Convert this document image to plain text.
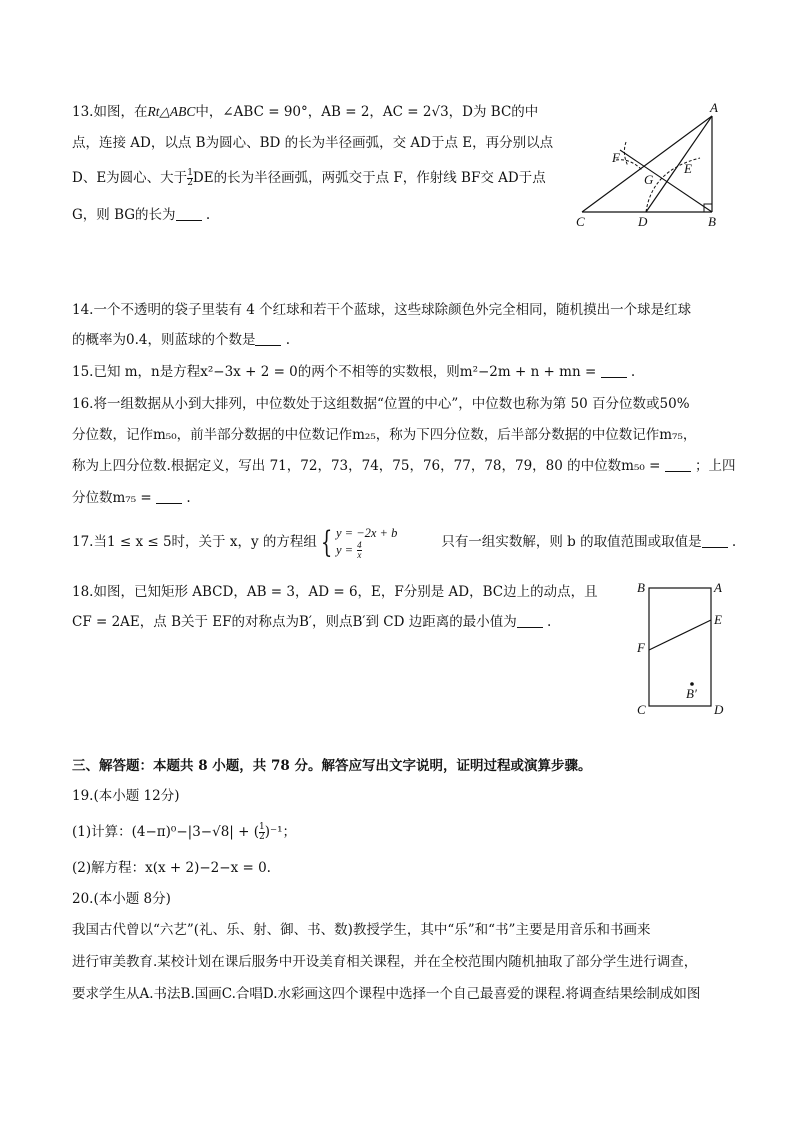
13.如图，在Rt△ABC中，∠ABC = 90°，AB = 2，AC = 2√3，D为 BC的中
点，连接 AD，以点 B为圆心、BD 的长为半径画弧，交 AD于点 E，再分别以点
D、E为圆心、大于 $\frac{1}{2}$ DE的长为半径画弧，两弧交于点 F，作射线 BF交 AD于点
G，则 BG的长为 .
A
B
C	D
E
F
G
14.一个不透明的袋子里装有 4 个红球和若干个蓝球，这些球除颜色外完全相同，随机摸出一个球是红球
的概率为0.4，则蓝球的个数是 .
15.已知 m，n是方程x²−3x + 2 = 0的两个不相等的实数根，则m²−2m + n + mn =	.
16.将一组数据从小到大排列，中位数处于这组数据“位置的中心”，中位数也称为第 50 百分位数或50%
分位数，记作m₅₀，前半部分数据的中位数记作m₂₅，称为下四分位数，后半部分数据的中位数记作m₇₅，
称为上四分位数.根据定义，写出 71，72，73，74，75，76，77，78，79，80 的中位数m₅₀ =	；上四
分位数m₇₅ =	.
17.当1 ≤ x ≤ 5时，关于 x，y 的方程组 { y = −2x + b
$y = \frac{4}{x}$	只有一组实数解，则 b 的取值范围或取值是 .
18.如图，已知矩形 ABCD，AB = 3，AD = 6，E，F分别是 AD，BC边上的动点，且
CF = 2AE，点 B关于 EF的对称点为B′，则点B′到 CD 边距离的最小值为 .
B	A
E
F
B′
C	D
三、解答题：本题共 8 小题，共 78 分。解答应写出文字说明，证明过程或演算步骤。
19.(本小题 12分)
(1)计算：(4−π)⁰−|3−√8| + ( $\frac{1}{2} )^{-1}$；
(2)解方程：x(x + 2)−2−x = 0.
20.(本小题 8分)
我国古代曾以“六艺”(礼、乐、射、御、书、数)教授学生，其中“乐”和“书”主要是用音乐和书画来
进行审美教育.某校计划在课后服务中开设美育相关课程，并在全校范围内随机抽取了部分学生进行调查，
要求学生从A.书法B.国画C.合唱D.水彩画这四个课程中选择一个自己最喜爱的课程.将调查结果绘制成如图
